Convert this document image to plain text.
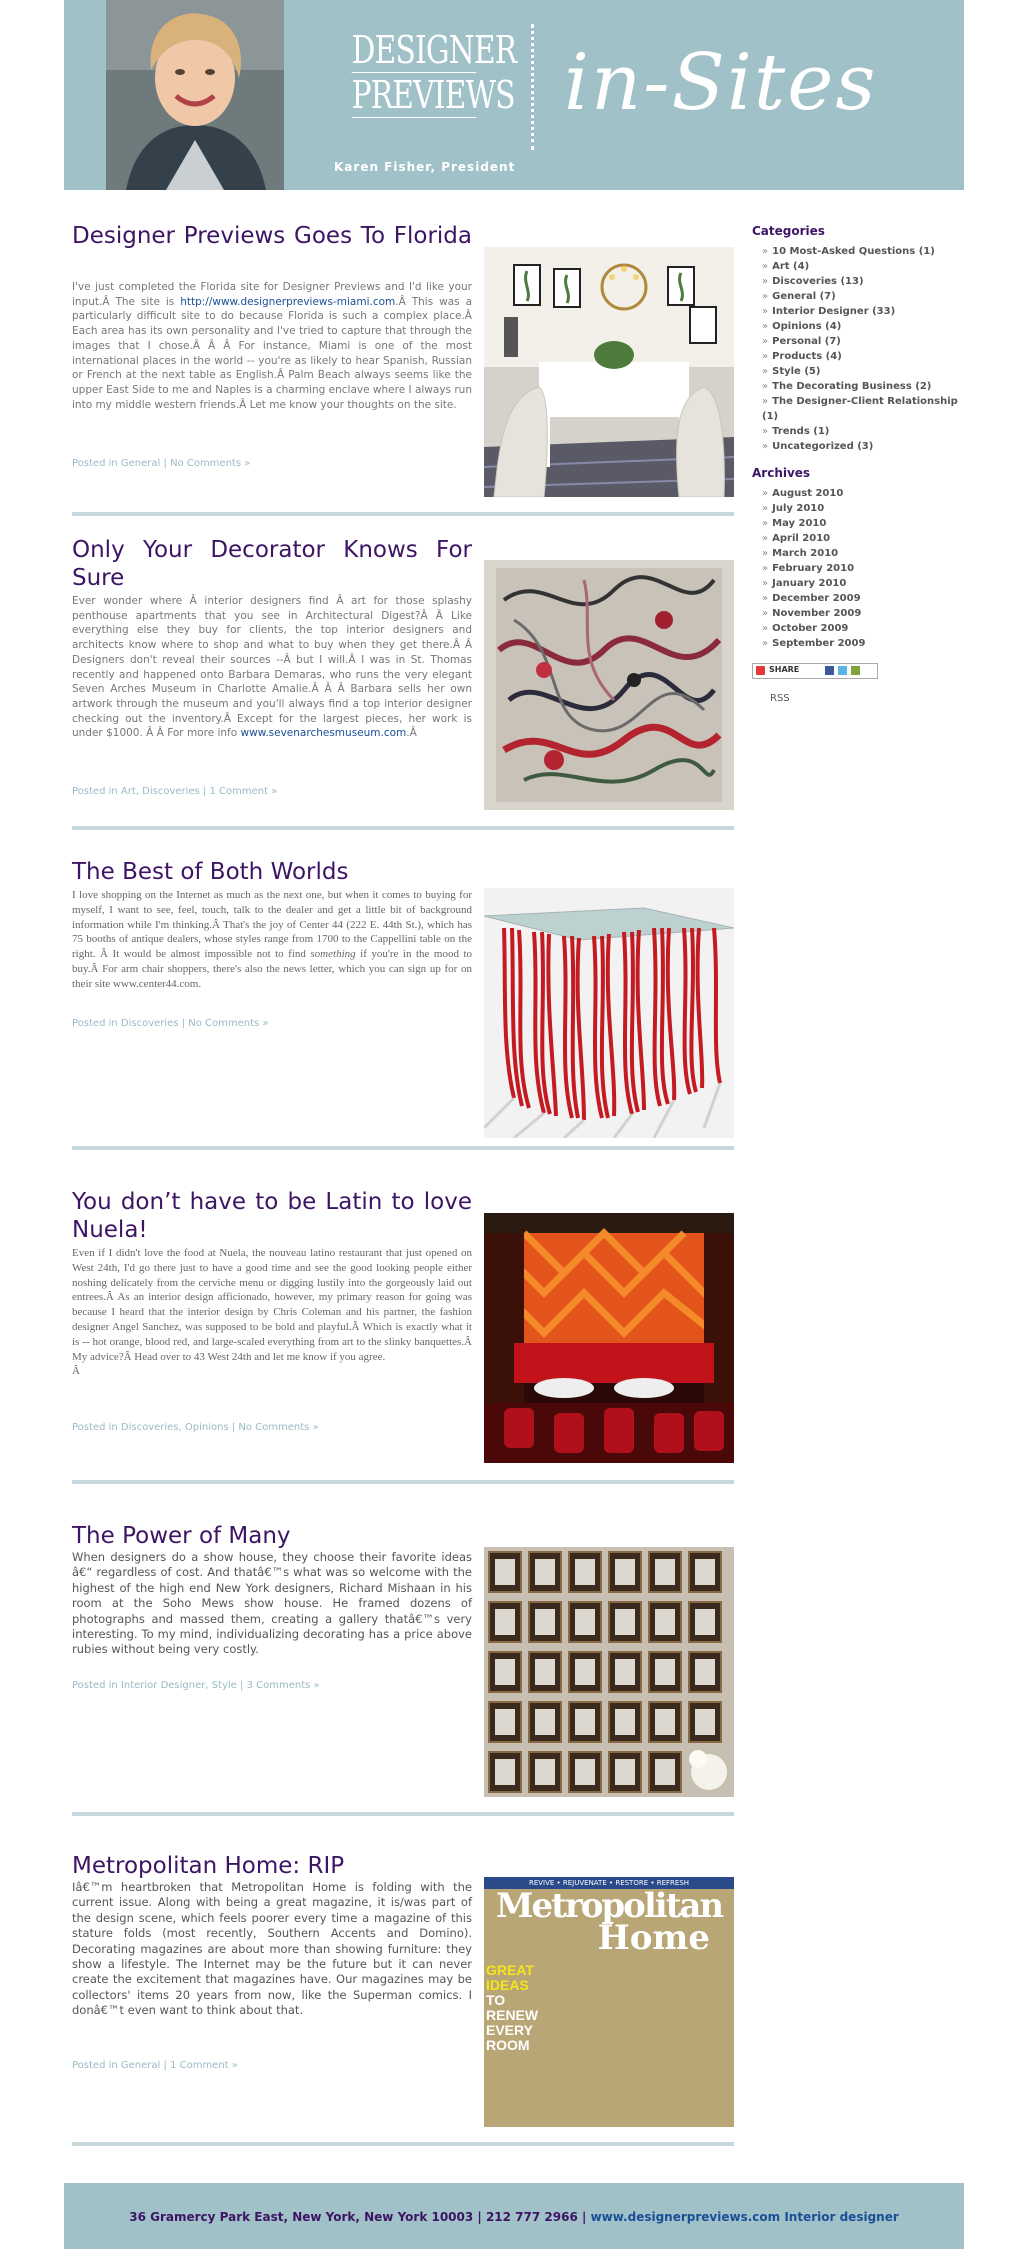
DESIGNER
PREVIEWS
Karen Fisher, President
in-Sites
Designer Previews Goes To Florida
I've just completed the Florida site for Designer Previews and I'd like your input.Â The site is http://www.designerpreviews-miami.com.Â This was a particularly difficult site to do because Florida is such a complex place.Â Each area has its own personality and I've tried to capture that through the images that I chose.Â Â Â For instance, Miami is one of the most international places in the world -- you're as likely to hear Spanish, Russian or French at the next table as English.Â Palm Beach always seems like the upper East Side to me and Naples is a charming enclave where I always run into my middle western friends.Â Let me know your thoughts on the site.
Posted in General | No Comments »
Only Your Decorator Knows For Sure
Ever wonder where Â interior designers find Â art for those splashy penthouse apartments that you see in Architectural Digest?Â Â Like everything else they buy for clients, the top interior designers and architects know where to shop and what to buy when they get there.Â Â Designers don't reveal their sources --Â but I will.Â I was in St. Thomas recently and happened onto Barbara Demaras, who runs the very elegant Seven Arches Museum in Charlotte Amalie.Â Â Â Barbara sells her own artwork through the museum and you'll always find a top interior designer checking out the inventory.Â Except for the largest pieces, her work is under $1000. Â Â For more info www.sevenarchesmuseum.com.Â
Posted in Art, Discoveries | 1 Comment »
The Best of Both Worlds
I love shopping on the Internet as much as the next one, but when it comes to buying for myself, I want to see, feel, touch, talk to the dealer and get a little bit of background information while I'm thinking.Â That's the joy of Center 44 (222 E. 44th St.), which has 75 booths of antique dealers, whose styles range from 1700 to the Cappellini table on the right. Â It would be almost impossible not to find something if you're in the mood to buy.Â For arm chair shoppers, there's also the news letter, which you can sign up for on their site www.center44.com.
Posted in Discoveries | No Comments »
You don’t have to be Latin to love Nuela!
Even if I didn't love the food at Nuela, the nouveau latino restaurant that just opened on West 24th, I'd go there just to have a good time and see the good looking people either noshing delicately from the cerviche menu or digging lustily into the gorgeously laid out entrees.Â As an interior design afficionado, however, my primary reason for going was because I heard that the interior design by Chris Coleman and his partner, the fashion designer Angel Sanchez, was supposed to be bold and playful.Â Which is exactly what it is -- hot orange, blood red, and large-scaled everything from art to the slinky banquettes.Â My advice?Â Head over to 43 West 24th and let me know if you agree.
Â
Posted in Discoveries, Opinions | No Comments »
The Power of Many
When designers do a show house, they choose their favorite ideas â€“ regardless of cost. And thatâ€™s what was so welcome with the highest of the high end New York designers, Richard Mishaan in his room at the Soho Mews show house. He framed dozens of photographs and massed them, creating a gallery thatâ€™s very interesting. To my mind, individualizing decorating has a price above rubies without being very costly.
Posted in Interior Designer, Style | 3 Comments »
Metropolitan Home: RIP
Iâ€™m heartbroken that Metropolitan Home is folding with the current issue. Along with being a great magazine, it is/was part of the design scene, which feels poorer every time a magazine of this stature folds (most recently, Southern Accents and Domino). Decorating magazines are about more than showing furniture: they show a lifestyle. The Internet may be the future but it can never create the excitement that magazines have. Our magazines may be collectors' items 20 years from now, like the Superman comics. I donâ€™t even want to think about that.
Posted in General | 1 Comment »
REVIVE • REJUVENATE • RESTORE • REFRESH
Metropolitan
Home
GREAT
IDEAS
TO RENEW
EVERY
ROOM
Categories
» 10 Most-Asked Questions (1)
» Art (4)
» Discoveries (13)
» General (7)
» Interior Designer (33)
» Opinions (4)
» Personal (7)
» Products (4)
» Style (5)
» The Decorating Business (2)
» The Designer-Client Relationship (1)
» Trends (1)
» Uncategorized (3)
Archives
» August 2010
» July 2010
» May 2010
» April 2010
» March 2010
» February 2010
» January 2010
» December 2009
» November 2009
» October 2009
» September 2009
SHARE
RSS
36 Gramercy Park East, New York, New York 10003 | 212 777 2966 | www.designerpreviews.com Interior designer
